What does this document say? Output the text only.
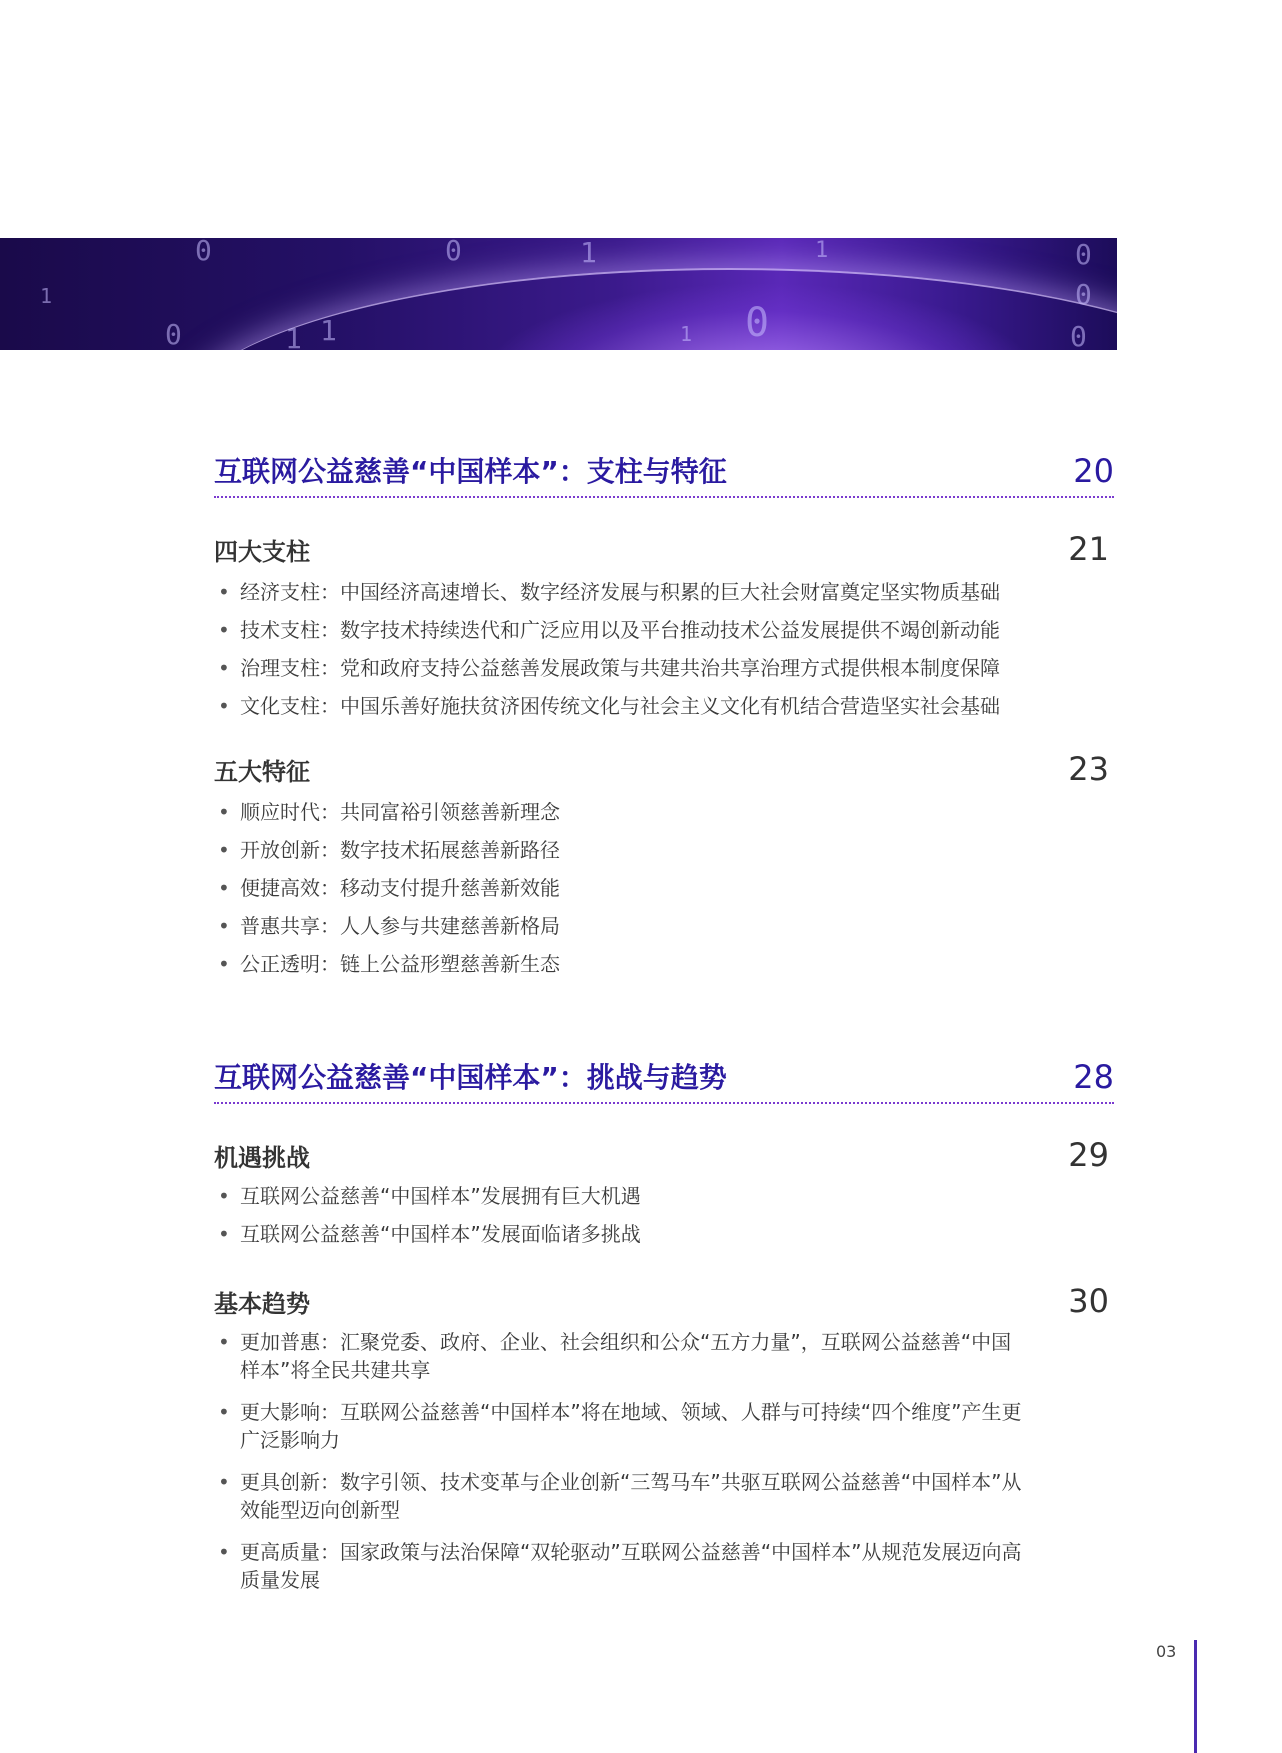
0	0	1
0	1	0
0
1
1	1
0
1
0
互联网公益慈善“中国样本”：支柱与特征	20
四大支柱	21
• 经济支柱：中国经济高速增长、数字经济发展与积累的巨大社会财富奠定坚实物质基础
• 技术支柱：数字技术持续迭代和广泛应用以及平台推动技术公益发展提供不竭创新动能
• 治理支柱：党和政府支持公益慈善发展政策与共建共治共享治理方式提供根本制度保障
• 文化支柱：中国乐善好施扶贫济困传统文化与社会主义文化有机结合营造坚实社会基础
五大特征	23
• 顺应时代：共同富裕引领慈善新理念
• 开放创新：数字技术拓展慈善新路径
• 便捷高效：移动支付提升慈善新效能
• 普惠共享：人人参与共建慈善新格局
• 公正透明：链上公益形塑慈善新生态
互联网公益慈善“中国样本”：挑战与趋势	28
机遇挑战	29
• 互联网公益慈善“中国样本”发展拥有巨大机遇
• 互联网公益慈善“中国样本”发展面临诸多挑战
基本趋势	30
• 更加普惠：汇聚党委、政府、企业、社会组织和公众“五方力量”，互联网公益慈善“中国样本”将全民共建共享
• 更大影响：互联网公益慈善“中国样本”将在地域、领域、人群与可持续“四个维度”产生更广泛影响力
• 更具创新：数字引领、技术变革与企业创新“三驾马车”共驱互联网公益慈善“中国样本”从效能型迈向创新型
• 更高质量：国家政策与法治保障“双轮驱动”互联网公益慈善“中国样本”从规范发展迈向高质量发展
03
